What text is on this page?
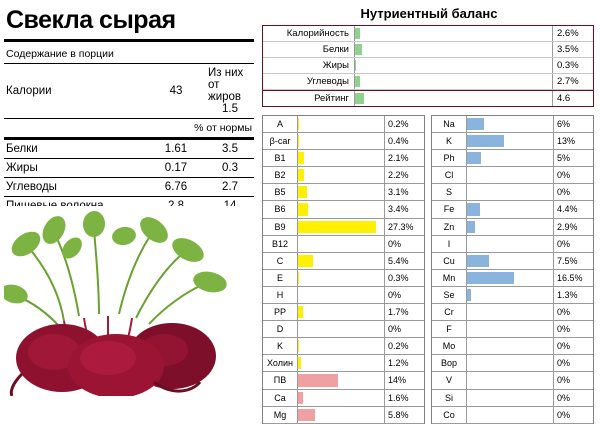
Свекла сырая
Содержание в порции		
Калории	43	Из них от жиров 1.5
% от нормы		
Белки	1.61	3.5
Жиры	0.17	0.3
Углеводы	6.76	2.7

Нутриентный баланс
Калорийность	2.6%
Белки	3.5%
Жиры	0.3%
Углеводы	2.7%
Рейтинг	4.6
A	0.2%
β-car	0.4%
B1	2.1%
B2	2.2%
B5	3.1%
B6	3.4%
B9	27.3%
B12	0%
C	5.4%
E	0.3%
H	0%
PP	1.7%
D	0%
K	0.2%
Холин	1.2%
ПВ	14%
Ca	1.6%
Mg	5.8%
Na	6%
K	13%
Ph	5%
Cl	0%
S	0%
Fe	4.4%
Zn	2.9%
I	0%
Cu	7.5%
Mn	16.5%
Se	1.3%
Cr	0%
F	0%
Mo	0%
Bop	0%
V	0%
Si	0%
Co	0%
